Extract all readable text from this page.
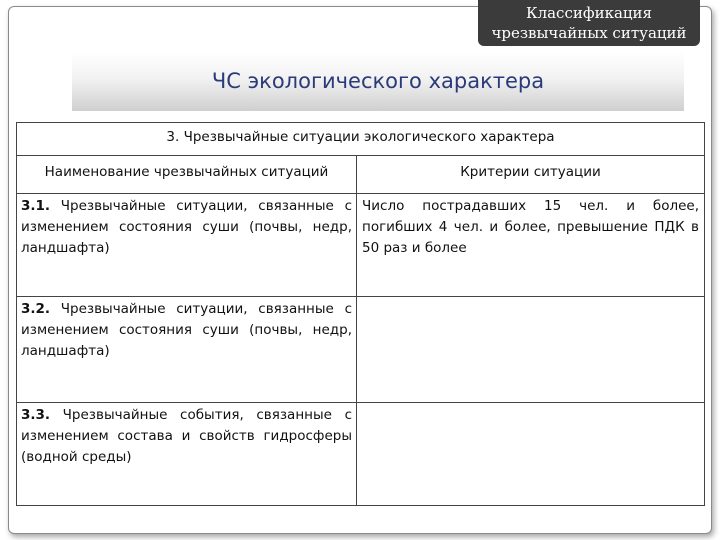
Классификация
чрезвычайных ситуаций
ЧС экологического характера
3. Чрезвычайные ситуации экологического характера	
Наименование чрезвычайных ситуаций	Критерии ситуации
3.1. Чрезвычайные ситуации, связанные с изменением состояния суши (почвы, недр, ландшафта)	Число пострадавших 15 чел. и более, погибших 4 чел. и более, превышение ПДК в 50 раз и более
3.2. Чрезвычайные ситуации, связанные с изменением состояния суши (почвы, недр, ландшафта)	
3.3. Чрезвычайные события, связанные с изменением состава и свойств гидросферы (водной среды)	
